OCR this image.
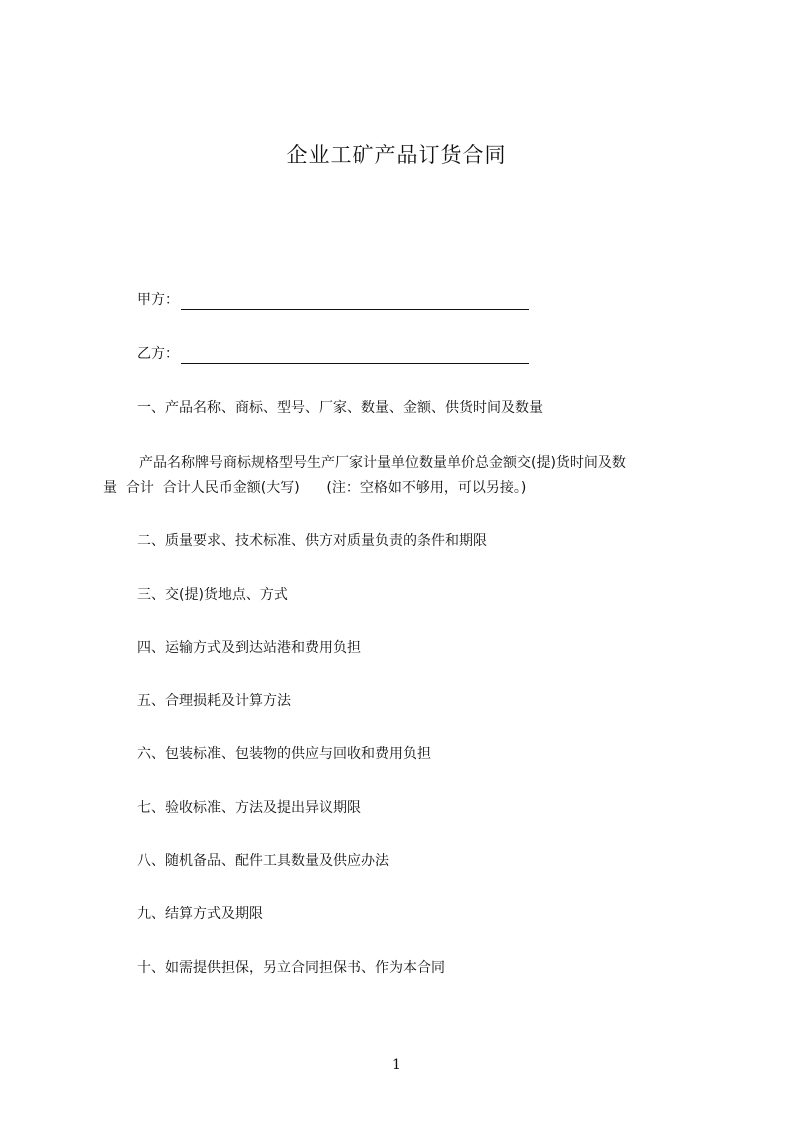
企业工矿产品订货合同
甲方：
乙方：
一、产品名称、商标、型号、厂家、数量、金额、供货时间及数量
产品名称牌号商标规格型号生产厂家计量单位数量单价总金额交(提)货时间及数
量  合计  合计人民币金额(大写)      (注：空格如不够用，可以另接。)
二、质量要求、技术标准、供方对质量负责的条件和期限
三、交(提)货地点、方式
四、运输方式及到达站港和费用负担
五、合理损耗及计算方法
六、包装标准、包装物的供应与回收和费用负担
七、验收标准、方法及提出异议期限
八、随机备品、配件工具数量及供应办法
九、结算方式及期限
十、如需提供担保，另立合同担保书、作为本合同
1
